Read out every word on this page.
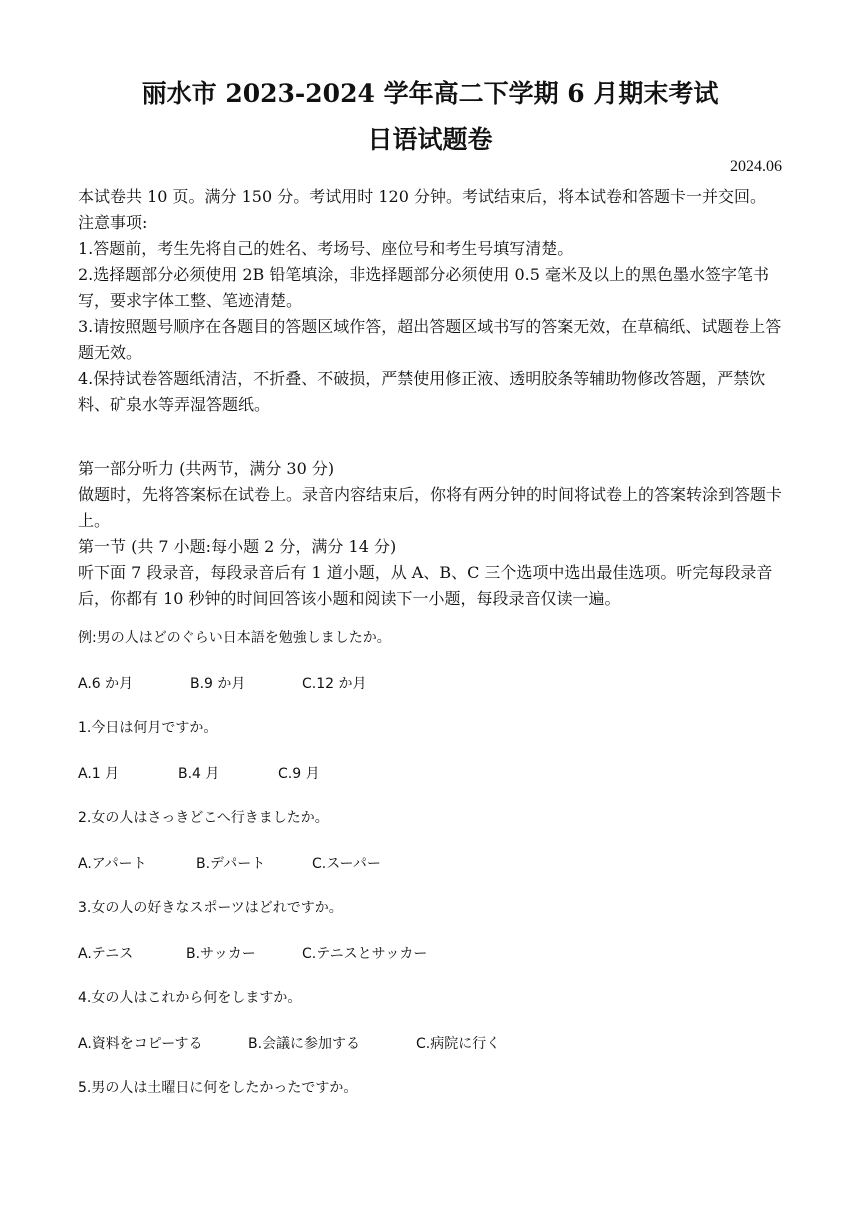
丽水市 2023-2024 学年高二下学期 6 月期末考试
日语试题卷
2024.06
本试卷共 10 页。满分 150 分。考试用时 120 分钟。考试结束后，将本试卷和答题卡一并交回。
注意事项:
1.答题前，考生先将自己的姓名、考场号、座位号和考生号填写清楚。
2.选择题部分必须使用 2B 铅笔填涂，非选择题部分必须使用 0.5 毫米及以上的黑色墨水签字笔书写，要求字体工整、笔迹清楚。
3.请按照题号顺序在各题目的答题区域作答，超出答题区域书写的答案无效，在草稿纸、试题卷上答题无效。
4.保持试卷答题纸清洁，不折叠、不破损，严禁使用修正液、透明胶条等辅助物修改答题，严禁饮料、矿泉水等弄湿答题纸。
第一部分听力 (共两节，满分 30 分)
做题时，先将答案标在试卷上。录音内容结束后，你将有两分钟的时间将试卷上的答案转涂到答题卡上。
第一节 (共 7 小题:每小题 2 分，满分 14 分)
听下面 7 段录音，每段录音后有 1 道小题，从 A、B、C 三个选项中选出最佳选项。听完每段录音后，你都有 10 秒钟的时间回答该小题和阅读下一小题，每段录音仅读一遍。
例:男の人はどのぐらい日本語を勉強しましたか。
A.6 か月	B.9 か月	C.12 か月
1.今日は何月ですか。
A.1 月	B.4 月	C.9 月
2.女の人はさっきどこへ行きましたか。
A.アパート	B.デパート	C.スーパー
3.女の人の好きなスポーツはどれですか。
A.テニス	B.サッカー	C.テニスとサッカー
4.女の人はこれから何をしますか。
A.資料をコピーする	B.会議に参加する	C.病院に行く
5.男の人は土曜日に何をしたかったですか。
